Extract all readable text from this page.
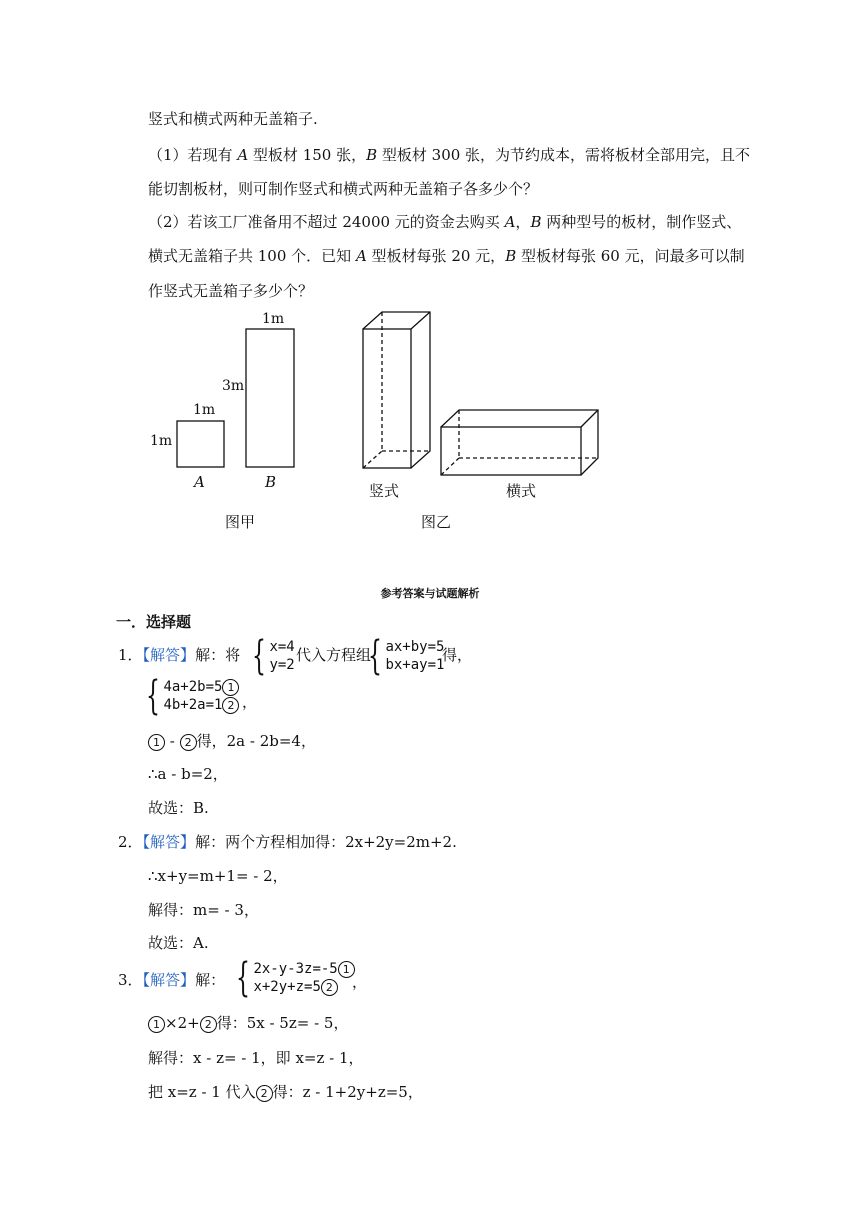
竖式和横式两种无盖箱子.
（1）若现有 A 型板材 150 张，B 型板材 300 张，为节约成本，需将板材全部用完，且不
能切割板材，则可制作竖式和横式两种无盖箱子各多少个？
（2）若该工厂准备用不超过 24000 元的资金去购买 A，B 两种型号的板材，制作竖式、
横式无盖箱子共 100 个．已知 A 型板材每张 20 元，B 型板材每张 60 元，问最多可以制
作竖式无盖箱子多少个？
1m
1m
A
1m
3m
B
图甲
竖式	横式
图乙
参考答案与试题解析
一．选择题
1．【解答】解：将 { x=4
y=2
代入方程组
{ ax+by=5
bx+ay=1
得，
{ 4a+2b=5 1
4b+2a=1 2 ，
1 - 2 得，2a - 2b=4，
∴a - b=2，
故选：B.
2．【解答】解：两个方程相加得：2x+2y=2m+2.
∴x+y=m+1= - 2，
解得：m= - 3，
故选：A.
3．【解答】解： { 2x-y-3z=-5 1
x+2y+z=5 2	，
1 ×2+ 2 得：5x - 5z= - 5，
解得：x - z= - 1，即 x=z - 1，
把 x=z - 1 代入 2 得：z - 1+2y+z=5，
